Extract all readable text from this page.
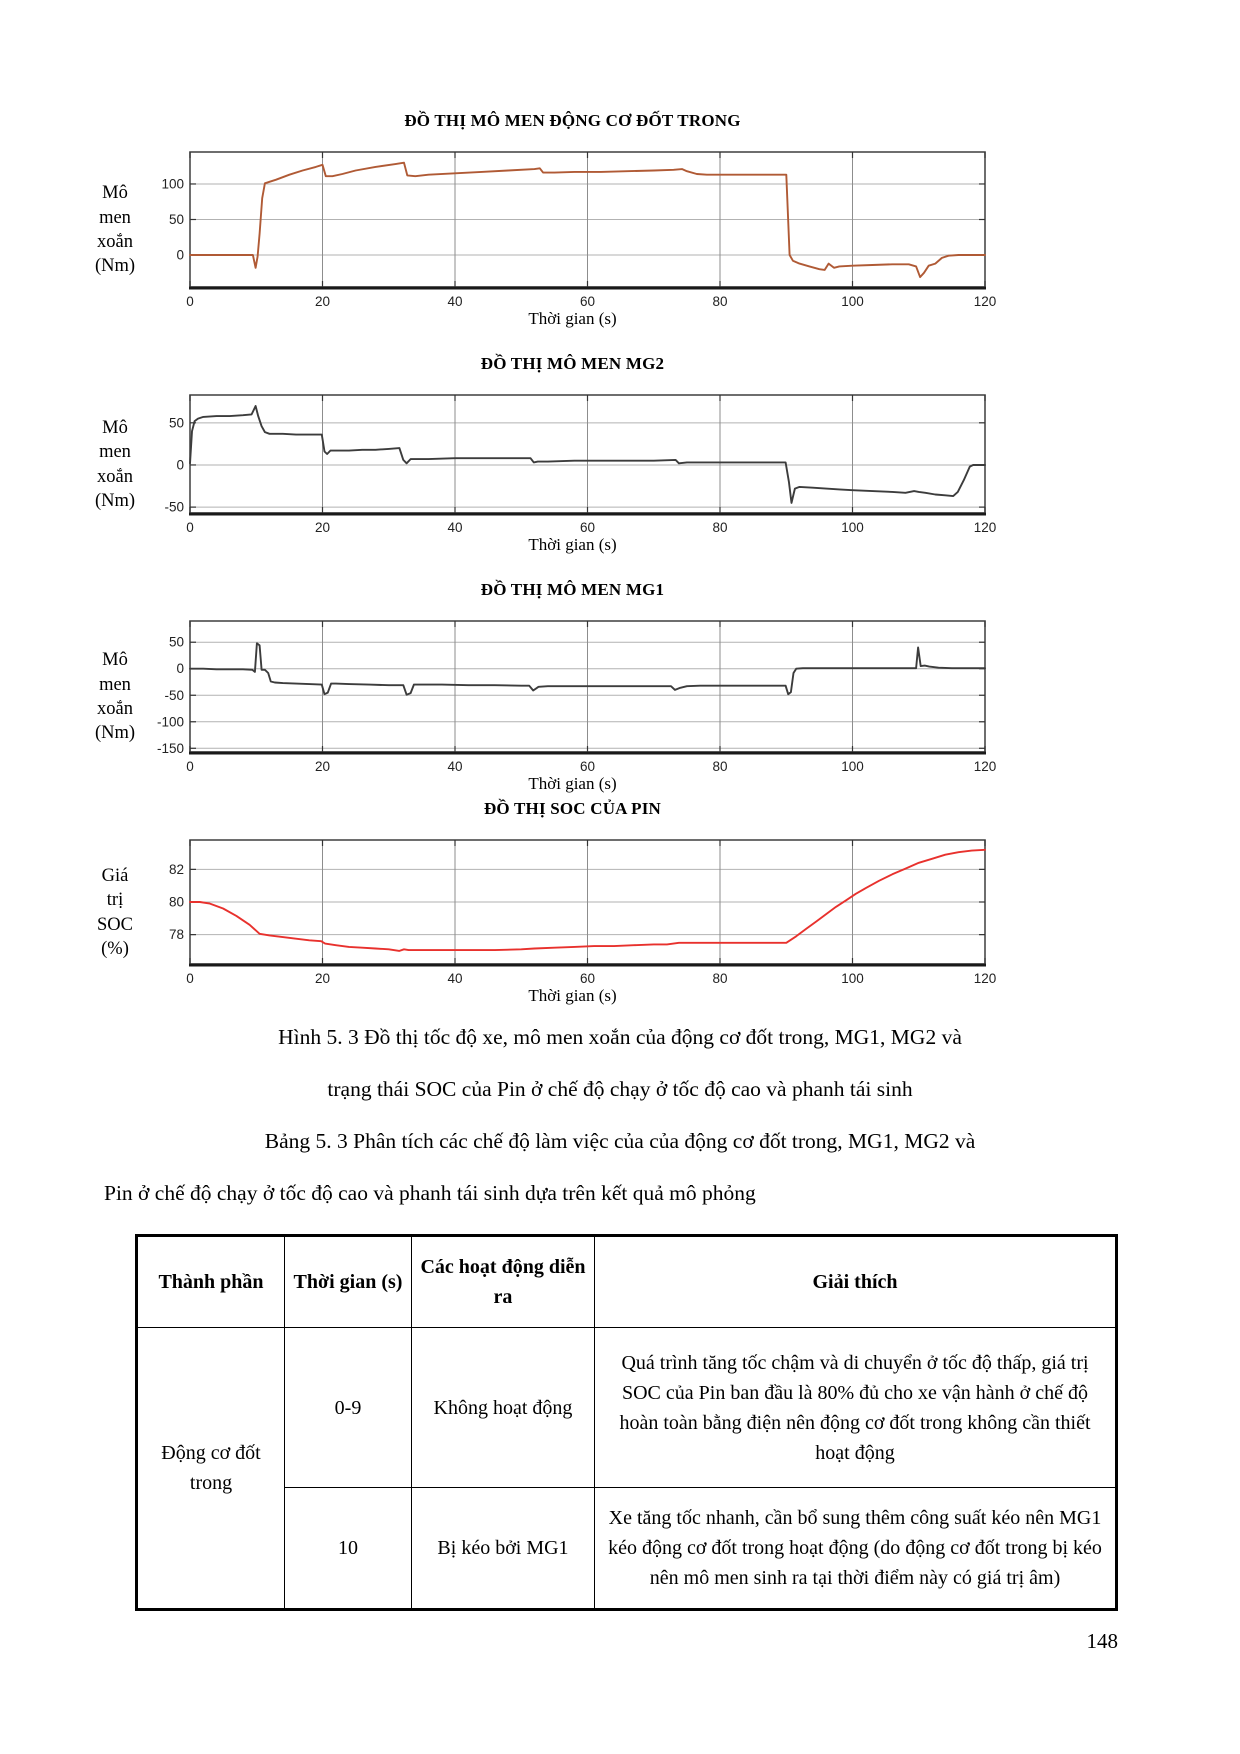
ĐỒ THỊ MÔ MEN ĐỘNG CƠ ĐỐT TRONG
Mô
men
xoắn
(Nm)
0	20	40	60	80	100	120
0
50
100
Thời gian (s)
ĐỒ THỊ MÔ MEN MG2
Mô
men
xoắn
(Nm)
0	20	40	60	80	100	120
-50
0
50
Thời gian (s)
ĐỒ THỊ MÔ MEN MG1
Mô
men
xoắn
(Nm)
0	20	40	60	80	100	120
-150
-100
-50
0
50
Thời gian (s)
ĐỒ THỊ SOC CỦA PIN
Giá
trị
SOC
(%)
0	20	40	60	80	100	120
78
80
82
Thời gian (s)
Hình 5. 3 Đồ thị tốc độ xe, mô men xoắn của động cơ đốt trong, MG1, MG2 và
trạng thái SOC của Pin ở chế độ chạy ở tốc độ cao và phanh tái sinh
Bảng 5. 3 Phân tích các chế độ làm việc của của động cơ đốt trong, MG1, MG2 và
Pin ở chế độ chạy ở tốc độ cao và phanh tái sinh dựa trên kết quả mô phỏng
Thành phần	Thời gian (s)	Các hoạt động diễn ra	Giải thích
Động cơ đốt trong	0-9	Không hoạt động	Quá trình tăng tốc chậm và di chuyển ở tốc độ thấp, giá trị SOC của Pin ban đầu là 80% đủ cho xe vận hành ở chế độ hoàn toàn bằng điện nên động cơ đốt trong không cần thiết hoạt động
	10	Bị kéo bởi MG1	Xe tăng tốc nhanh, cần bổ sung thêm công suất kéo nên MG1 kéo động cơ đốt trong hoạt động (do động cơ đốt trong bị kéo nên mô men sinh ra tại thời điểm này có giá trị âm)
148
